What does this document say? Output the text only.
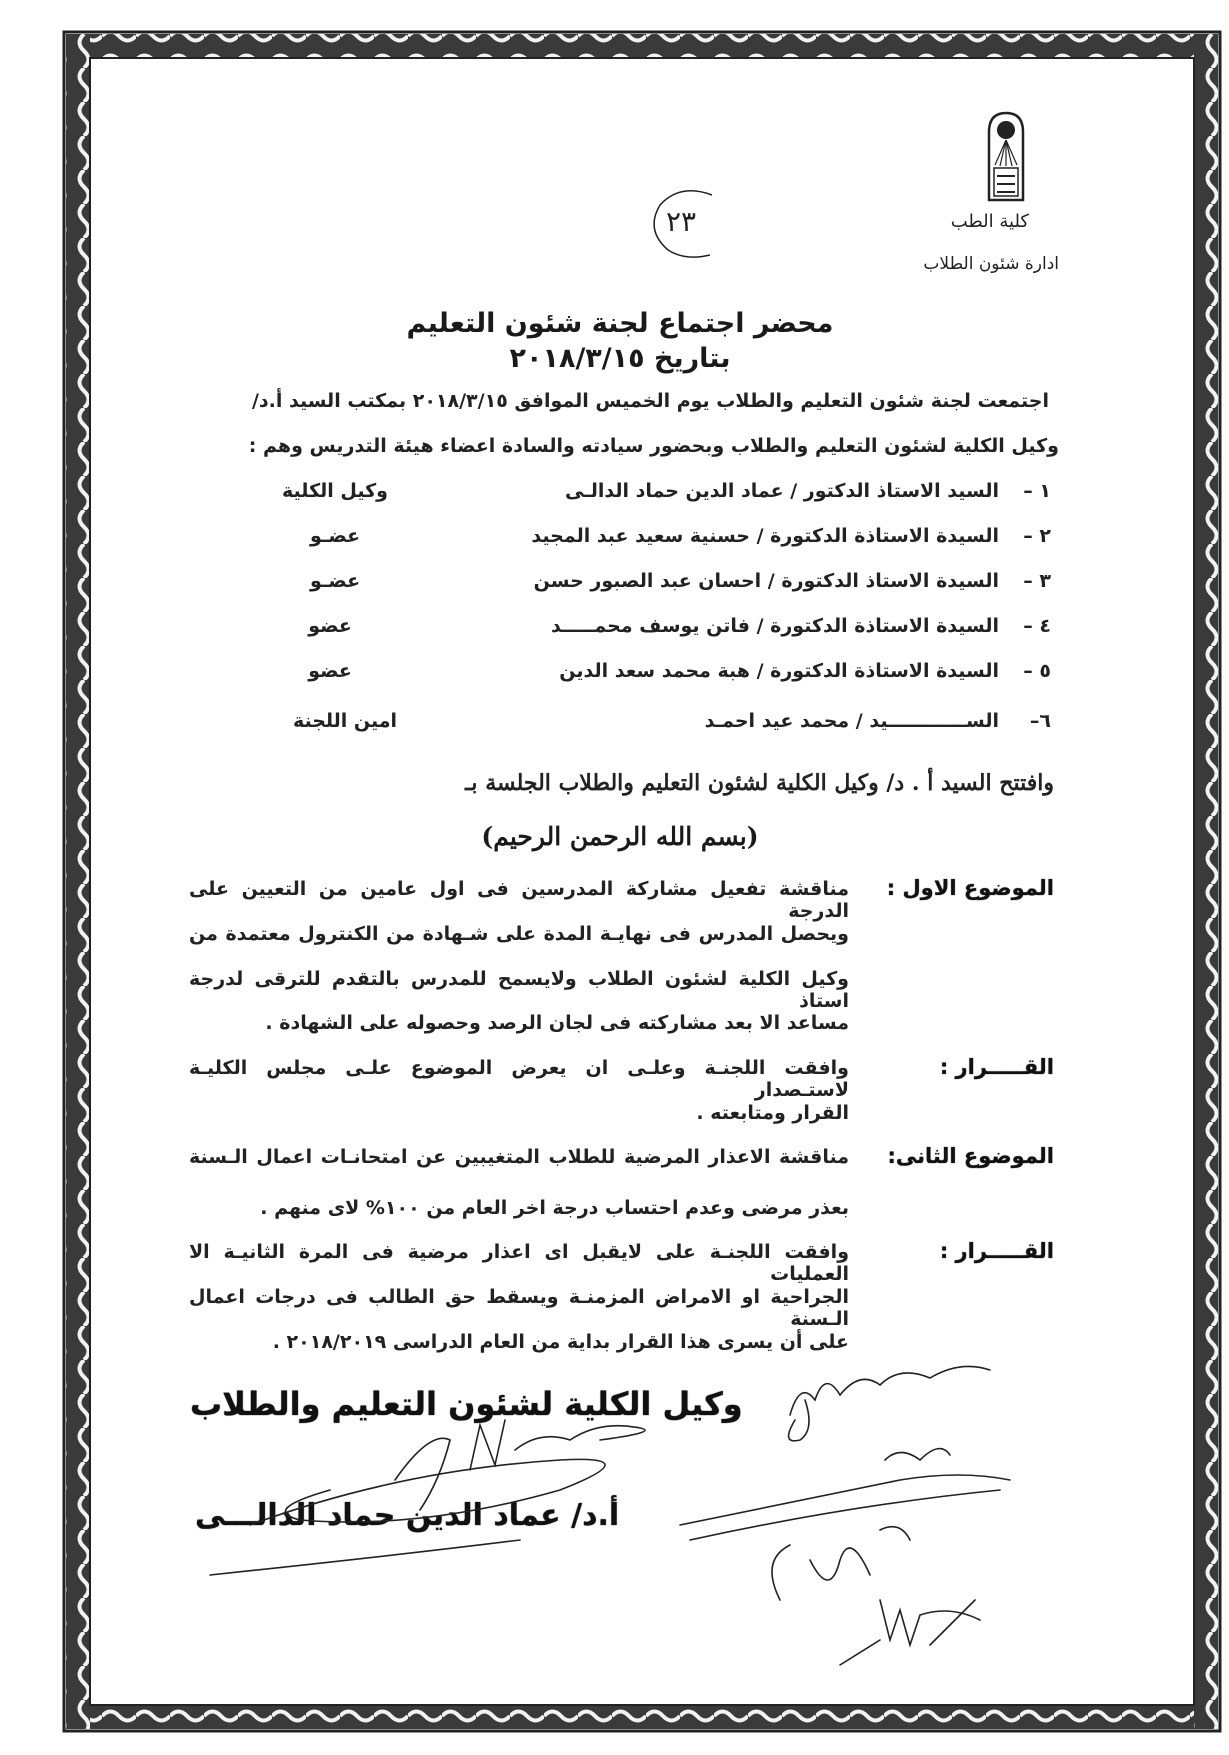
كلية الطب
ادارة شئون الطلاب
٢٣
محضر اجتماع لجنة شئون التعليم
بتاريخ ٢٠١٨/٣/١٥
اجتمعت لجنة شئون التعليم والطلاب يوم الخميس الموافق ٢٠١٨/٣/١٥ بمكتب السيد أ.د/
وكيل الكلية لشئون التعليم والطلاب وبحضور سيادته والسادة اعضاء هيئة التدريس وهم :
١ –
السيد الاستاذ الدكتور / عماد الدين حماد الدالـى
وكيل الكلية
٢ –
السيدة الاستاذة الدكتورة / حسنية سعيد عبد المجيد
عضـو
٣ –
السيدة الاستاذ الدكتورة / احسان عبد الصبور حسن
عضـو
٤ –
السيدة الاستاذة الدكتورة / فاتن يوسف محمـــــد
عضو
٥ –
السيدة الاستاذة الدكتورة / هبة محمد سعد الدين
عضو
٦–
الســــــــــــيد / محمد عيد احمـد
امين اللجنة
وافتتح السيد أ . د/ وكيل الكلية لشئون التعليم والطلاب الجلسة بـ
(بسم الله الرحمن الرحيم)
الموضوع الاول :
مناقشة تفعيل مشاركة المدرسين فى اول عامين من التعيين على الدرجة
ويحصل المدرس فى نهايـة المدة على شـهادة من الكنترول معتمدة من
وكيل الكلية لشئون الطلاب ولايسمح للمدرس بالتقدم للترقى لدرجة استاذ
مساعد الا بعد مشاركته فى لجان الرصد وحصوله على الشهادة .
القـــــرار :
وافقت اللجنـة وعلـى ان يعرض الموضوع علـى مجلس الكليـة لاستـصدار
القرار ومتابعته .
الموضوع الثانى:
مناقشة الاعذار المرضية للطلاب المتغيبين عن امتحانـات اعمال الـسنة
بعذر مرضى وعدم احتساب درجة اخر العام من ١٠٠% لاى منهم .
القـــــرار :
وافقت اللجنـة على لايقبل اى اعذار مرضية فى المرة الثانيـة الا العمليات
الجراحية او الامراض المزمنـة ويسقط حق الطالب فى درجات اعمال الـسنة
على أن يسرى هذا القرار بداية من العام الدراسى ٢٠١٨/٢٠١٩ .
وكيل الكلية لشئون التعليم والطلاب
أ.د/ عماد الدين حماد الدالـــى
